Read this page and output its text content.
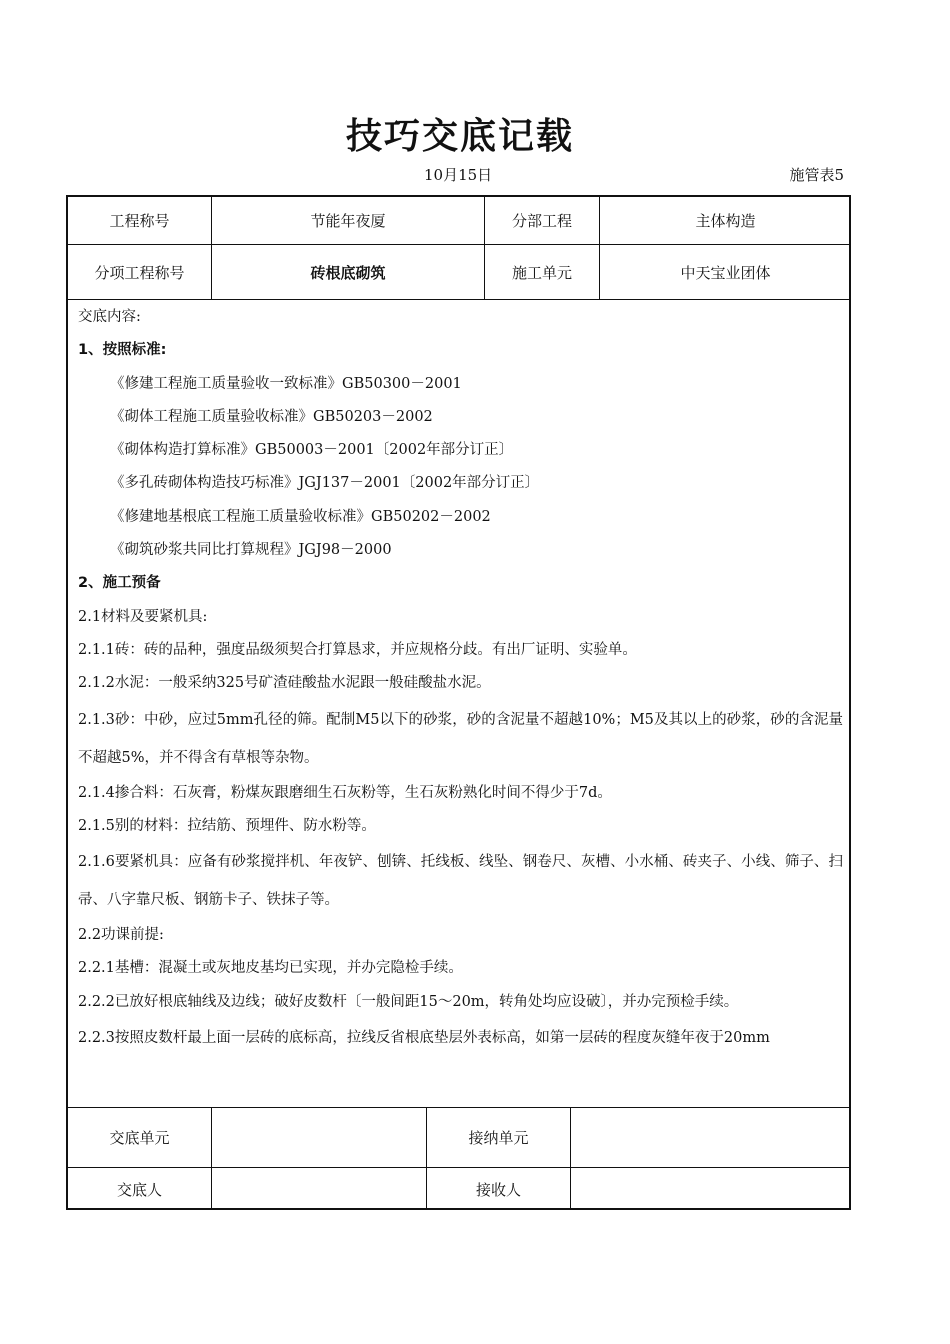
技巧交底记载
10月15日	施管表5
工程称号	节能年夜厦	分部工程	主体构造
分项工程称号	砖根底砌筑	施工单元	中天宝业团体
交底内容:
1、按照标准:
《修建工程施工质量验收一致标准》GB50300－2001
《砌体工程施工质量验收标准》GB50203－2002
《砌体构造打算标准》GB50003－2001〔2002年部分订正〕
《多孔砖砌体构造技巧标准》JGJ137－2001〔2002年部分订正〕
《修建地基根底工程施工质量验收标准》GB50202－2002
《砌筑砂浆共同比打算规程》JGJ98－2000
2、施工预备
2.1材料及要紧机具:
2.1.1砖：砖的品种，强度品级须契合打算恳求，并应规格分歧。有出厂证明、实验单。
2.1.2水泥：一般采纳325号矿渣硅酸盐水泥跟一般硅酸盐水泥。
2.1.3砂：中砂，应过5mm孔径的筛。配制M5以下的砂浆，砂的含泥量不超越10%；M5及其以上的砂浆，砂的含泥量不超越5%，并不得含有草根等杂物。
2.1.4掺合料：石灰膏，粉煤灰跟磨细生石灰粉等，生石灰粉熟化时间不得少于7d。
2.1.5别的材料：拉结筋、预埋件、防水粉等。
2.1.6要紧机具：应备有砂浆搅拌机、年夜铲、刨锛、托线板、线坠、钢卷尺、灰槽、小水桶、砖夹子、小线、筛子、扫帚、八字靠尺板、钢筋卡子、铁抹子等。
2.2功课前提:
2.2.1基槽：混凝土或灰地皮基均已实现，并办完隐检手续。
2.2.2已放好根底轴线及边线；破好皮数杆〔一般间距15～20m，转角处均应设破〕，并办完预检手续。
2.2.3按照皮数杆最上面一层砖的底标高，拉线反省根底垫层外表标高，如第一层砖的程度灰缝年夜于20mm
交底单元	接纳单元
交底人	接收人
